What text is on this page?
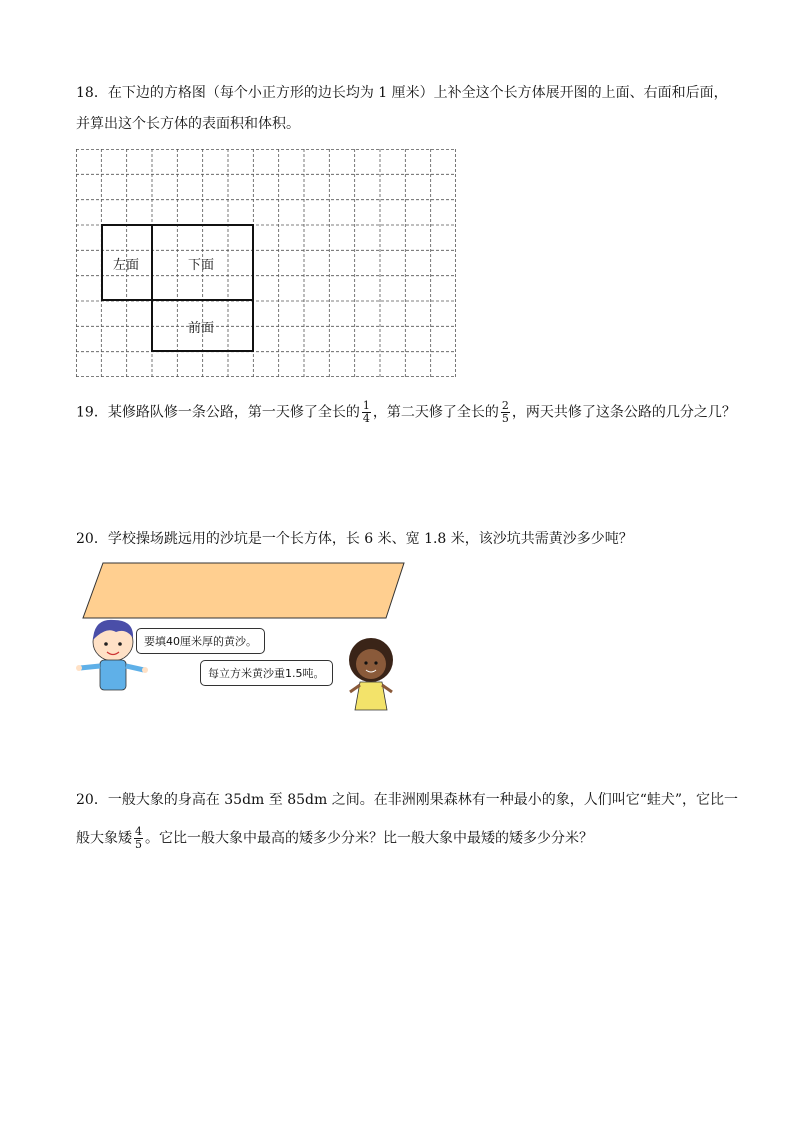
18．在下边的方格图（每个小正方形的边长均为 1 厘米）上补全这个长方体展开图的上面、右面和后面，
并算出这个长方体的表面积和体积。
左面	下面
前面
19．某修路队修一条公路，第一天修了全长的 $\frac{1}{4}$ ，第二天修了全长的 $\frac{2}{5}$ ，两天共修了这条公路的几分之几？
20．学校操场跳远用的沙坑是一个长方体，长 6 米、宽 1.8 米，该沙坑共需黄沙多少吨？
要填40厘米厚的黄沙。
每立方米黄沙重1.5吨。
20．一般大象的身高在 35dm 至 85dm 之间。在非洲刚果森林有一种最小的象，人们叫它“蛙犬”，它比一
般大象矮 $\frac{4}{5}$ 。它比一般大象中最高的矮多少分米？比一般大象中最矮的矮多少分米？
